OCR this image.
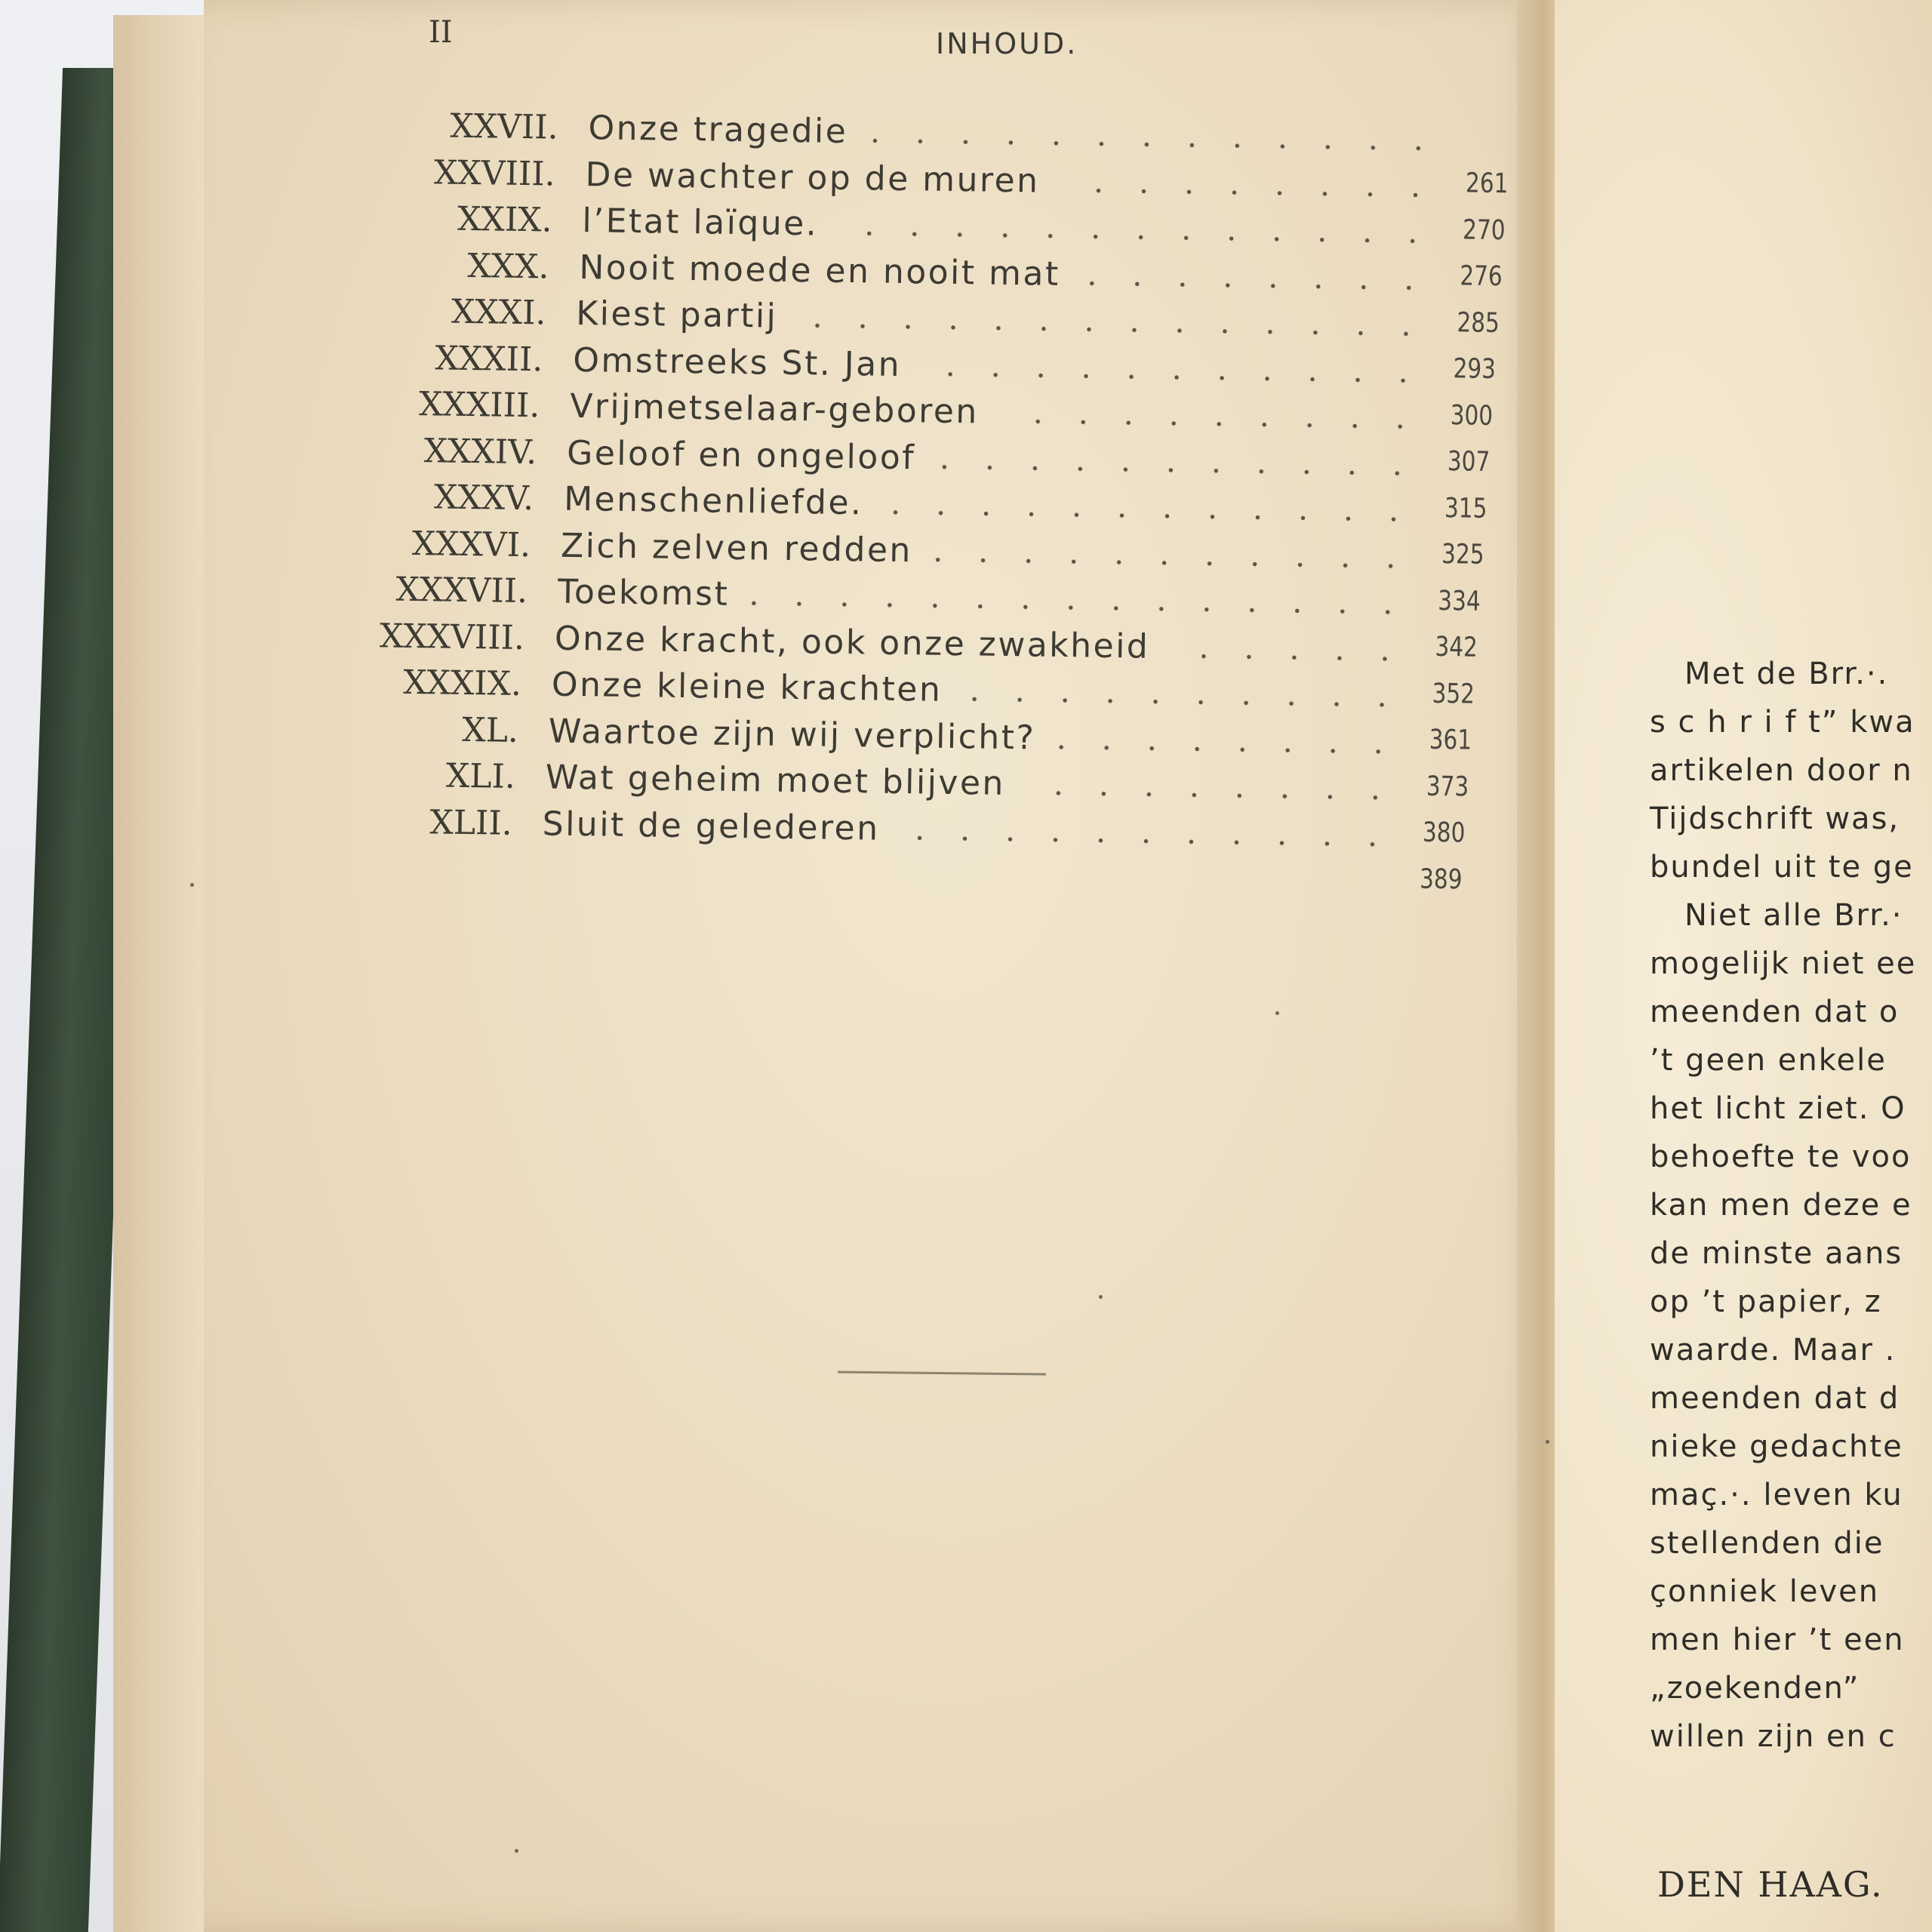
II	INHOUD.
XXVII. Onze tragedie
261
XXVIII. De wachter op de muren
270
XXIX. l’Etat laïque.
276
XXX. Nooit moede en nooit mat
285
XXXI. Kiest partij
293
XXXII. Omstreeks St. Jan
300
XXXIII. Vrijmetselaar-geboren
307
XXXIV. Geloof en ongeloof
315
XXXV. Menschenliefde.
325
XXXVI. Zich zelven redden
334
XXXVII. Toekomst
342
XXXVIII. Onze kracht, ook onze zwakheid
352
XXXIX. Onze kleine krachten
361
XL. Waartoe zijn wij verplicht?
373
XLI. Wat geheim moet blijven
380
XLII. Sluit de gelederen
389
Met de Brr.·.
s c h r i f t” kwa
artikelen door n
Tijdschrift was,
bundel uit te ge
Niet alle Brr.·
mogelijk niet ee
meenden dat o
’t geen enkele
het licht ziet. O
behoefte te voo
kan men deze e
de minste aans
op ’t papier, z
waarde. Maar .
meenden dat d
nieke gedachte
maç.·. leven ku
stellenden die
çonniek leven
men hier ’t een
„zoekenden”
willen zijn en c
DEN HAAG.
